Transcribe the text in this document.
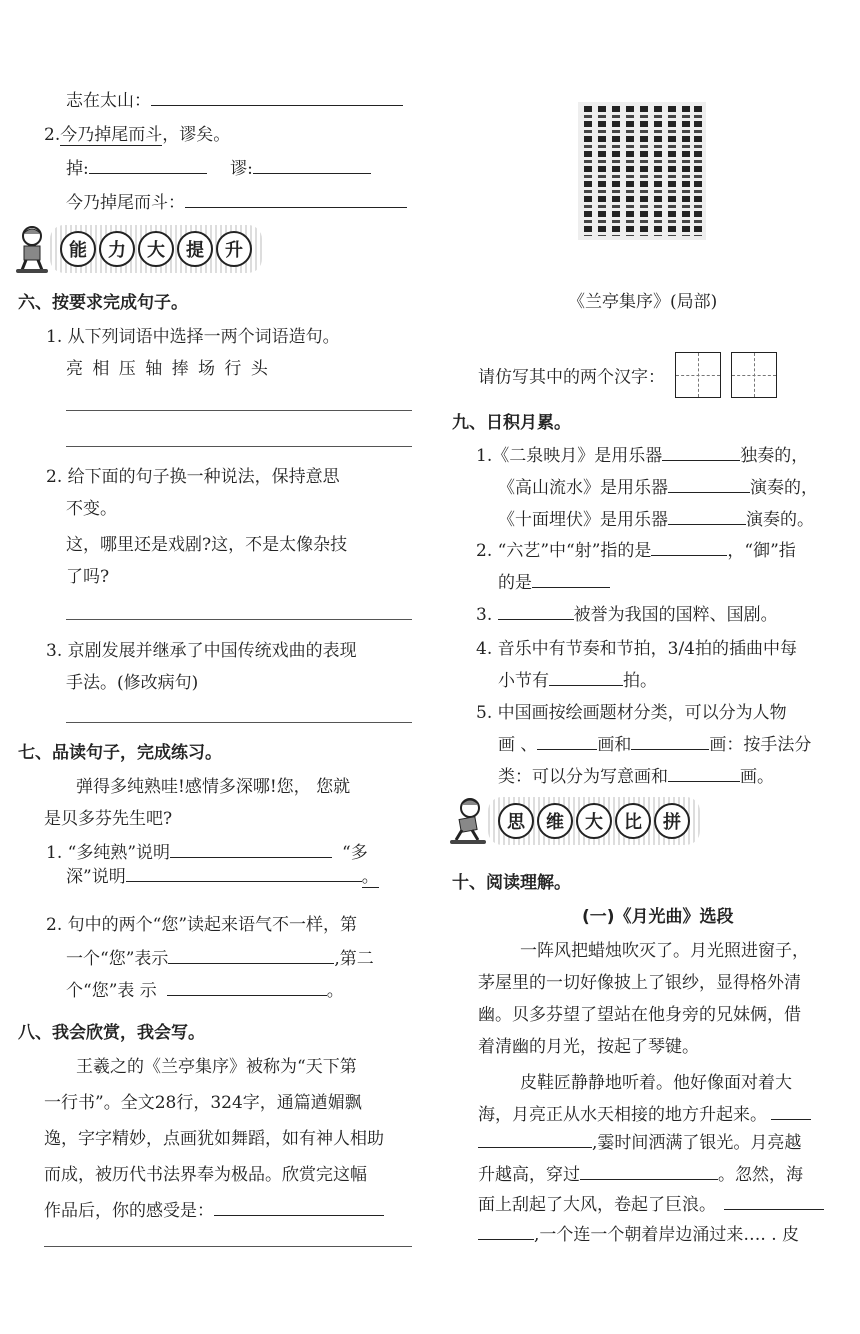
志在太山：
2.今乃掉尾而斗，谬矣。
掉:	谬:
今乃掉尾而斗：
能	力	大	提	升
六、按要求完成句子。
1. 从下列词语中选择一两个词语造句。
亮 相 压 轴 捧 场 行 头
2. 给下面的句子换一种说法，保持意思
不变。
这，哪里还是戏剧?这，不是太像杂技
了吗?
3. 京剧发展并继承了中国传统戏曲的表现
手法。(修改病句)
七、品读句子，完成练习。
弹得多纯熟哇!感情多深哪!您， 您就
是贝多芬先生吧?
1. “多纯熟”说明	“多
深”说明	。
2. 句中的两个“您”读起来语气不一样，第
一个“您”表示	,第二
个“您”表 示	。
八、我会欣赏，我会写。
王羲之的《兰亭集序》被称为“天下第
一行书”。全文28行，324字，通篇遒媚飘
逸，字字精妙，点画犹如舞蹈，如有神人相助
而成，被历代书法界奉为极品。欣赏完这幅
作品后，你的感受是：
《兰亭集序》(局部)
请仿写其中的两个汉字：
九、日积月累。
1.《二泉映月》是用乐器	独奏的，
《高山流水》是用乐器	演奏的，
《十面埋伏》是用乐器	演奏的。
2. “六艺”中“射”指的是	，“御”指
的是
3.	被誉为我国的国粹、国剧。
4. 音乐中有节奏和节拍，3/4拍的插曲中每
小节有	拍。
5. 中国画按绘画题材分类，可以分为人物
画 、	画和	画：按手法分
类：可以分为写意画和	画。
思	维	大	比	拼
十、阅读理解。
(一)《月光曲》选段
一阵风把蜡烛吹灭了。月光照进窗子，
茅屋里的一切好像披上了银纱，显得格外清
幽。贝多芬望了望站在他身旁的兄妹俩，借
着清幽的月光，按起了琴键。
皮鞋匠静静地听着。他好像面对着大
海，月亮正从水天相接的地方升起来。
,霎时间洒满了银光。月亮越
升越高，穿过	。忽然，海
面上刮起了大风，卷起了巨浪。
,一个连一个朝着岸边涌过来…. . 皮
